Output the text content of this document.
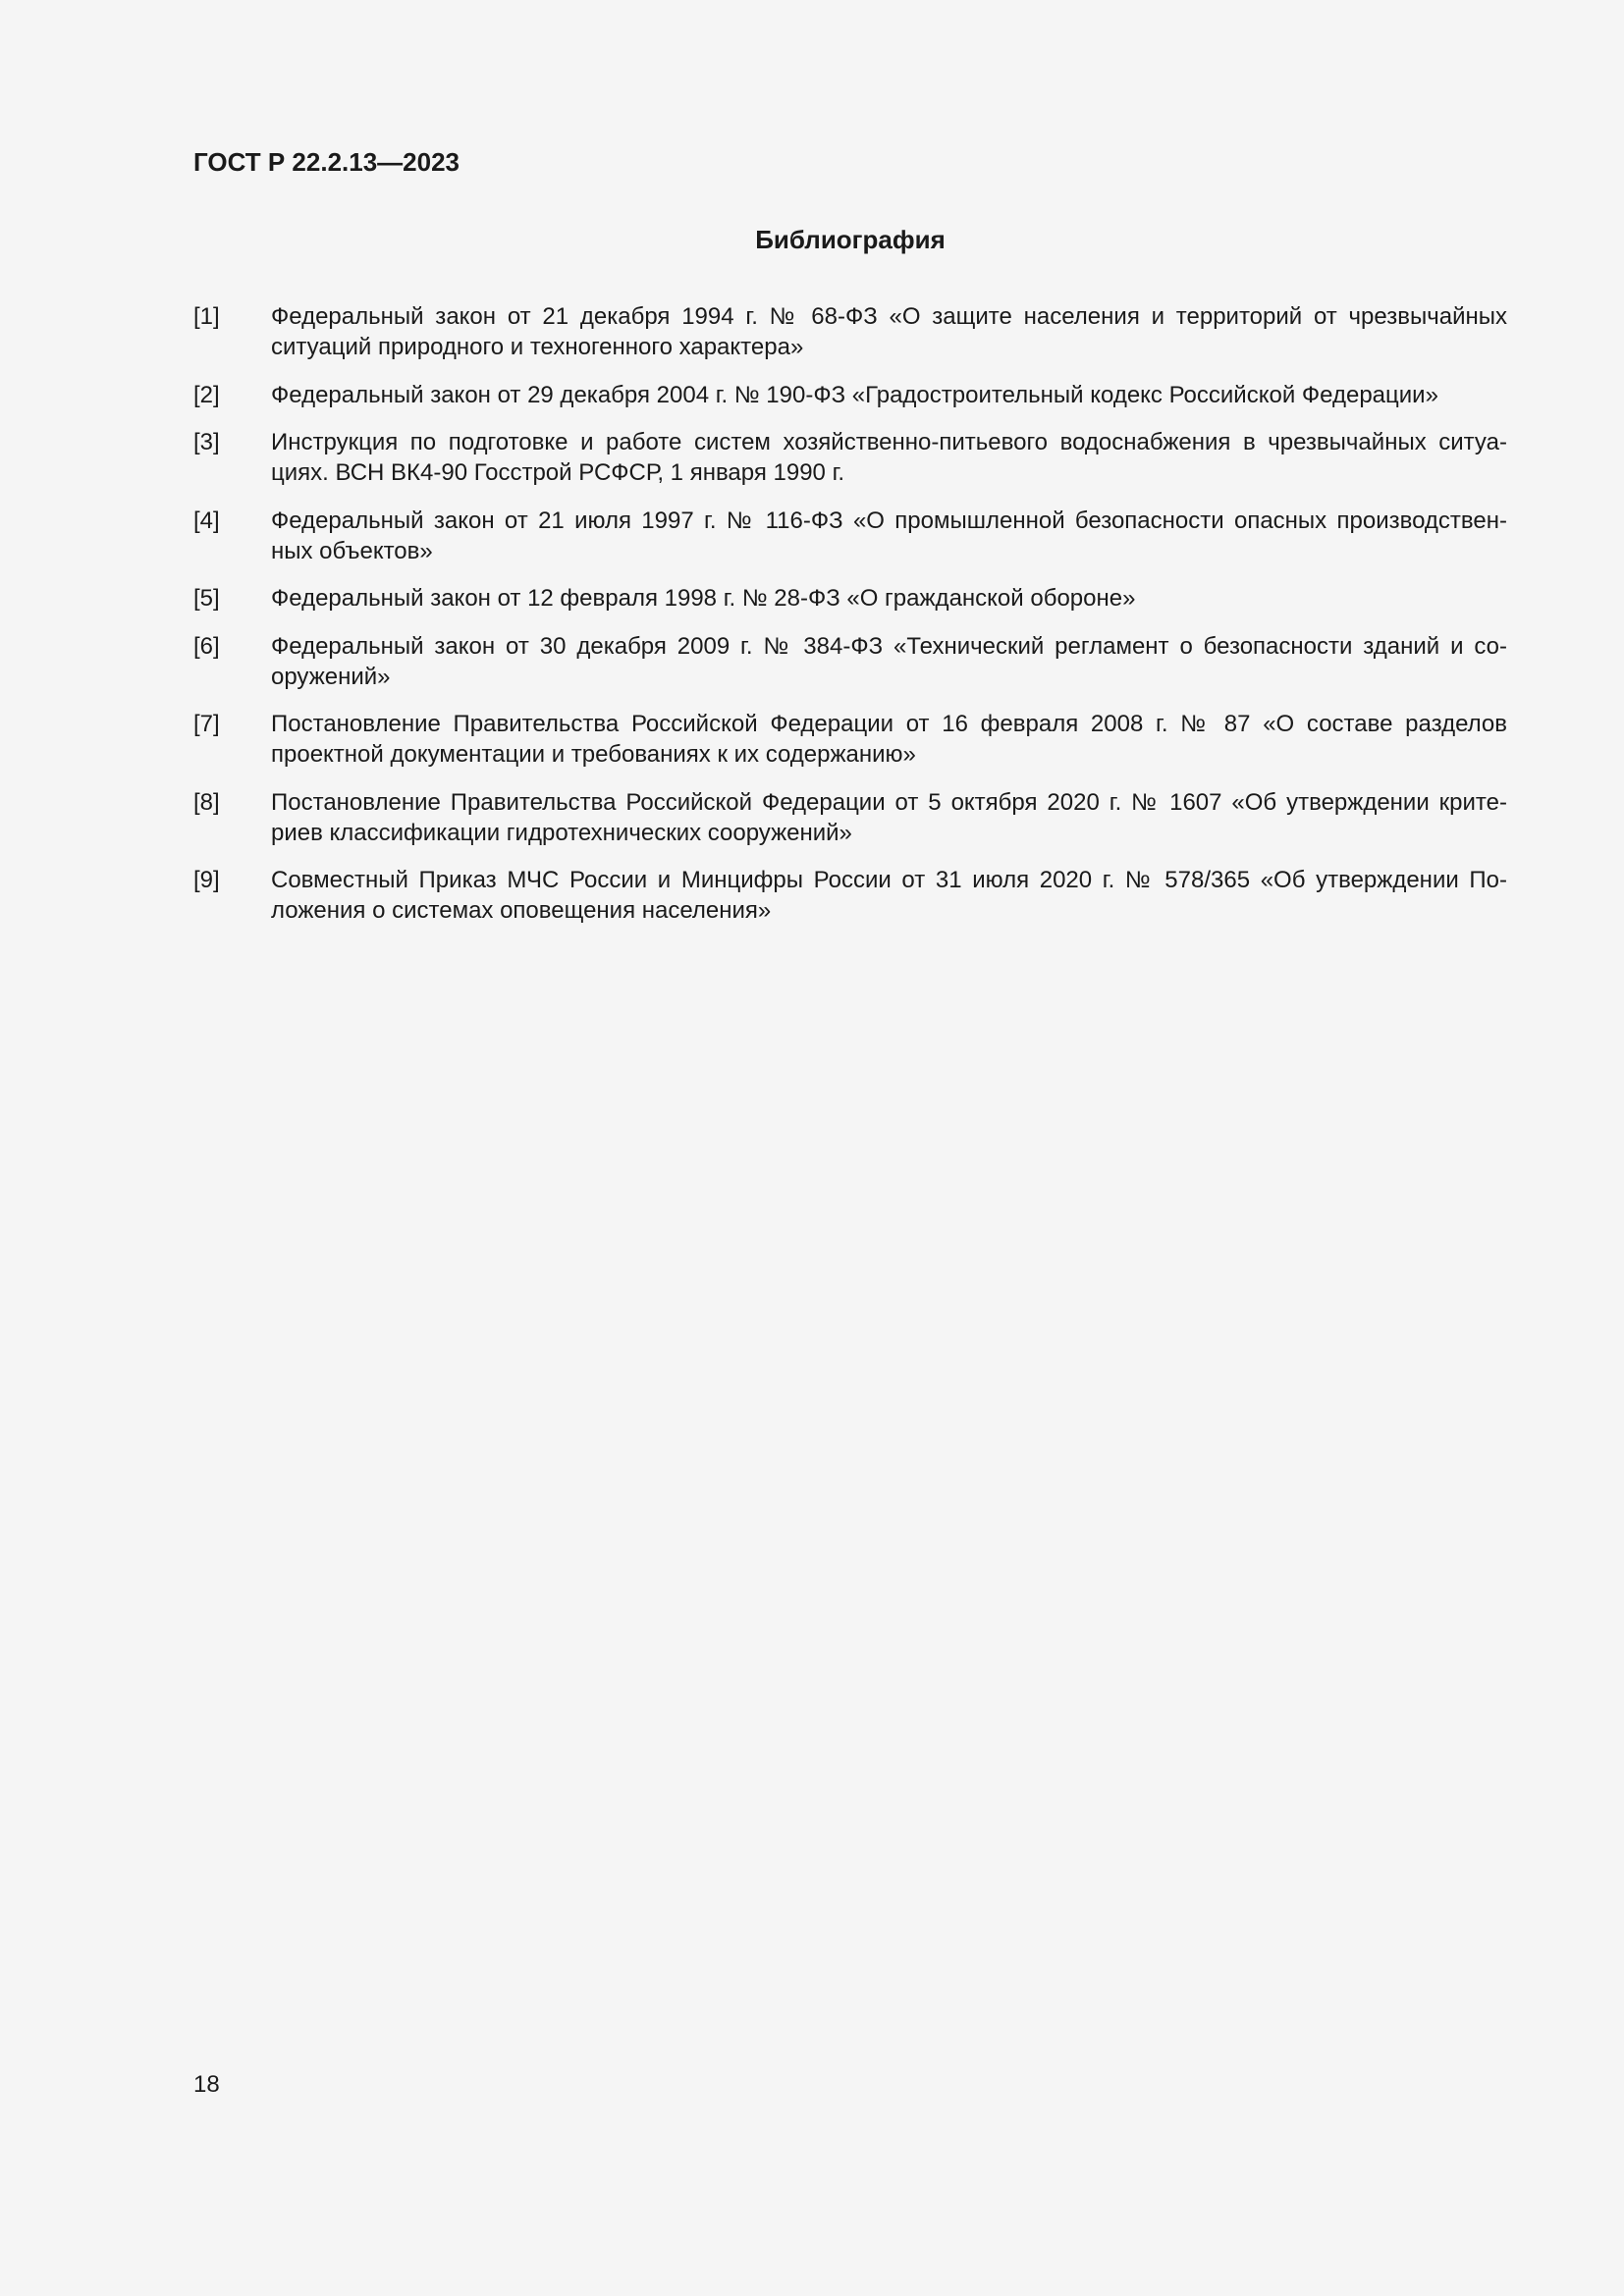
ГОСТ Р 22.2.13—2023
Библиография
[1]	Федеральный закон от 21 декабря 1994 г. № 68-ФЗ «О защите населения и территорий от чрезвычайных
ситуаций природного и техногенного характера»
[2]	Федеральный закон от 29 декабря 2004 г. № 190-ФЗ «Градостроительный кодекс Российской Федерации»
[3]	Инструкция по подготовке и работе систем хозяйственно-питьевого водоснабжения в чрезвычайных ситуа-
циях. ВСН ВК4-90 Госстрой РСФСР, 1 января 1990 г.
[4]	Федеральный закон от 21 июля 1997 г. № 116-ФЗ «О промышленной безопасности опасных производствен-
ных объектов»
[5]	Федеральный закон от 12 февраля 1998 г. № 28-ФЗ «О гражданской обороне»
[6]	Федеральный закон от 30 декабря 2009 г. № 384-ФЗ «Технический регламент о безопасности зданий и со-
оружений»
[7]	Постановление Правительства Российской Федерации от 16 февраля 2008 г. № 87 «О составе разделов
проектной документации и требованиях к их содержанию»
[8]	Постановление Правительства Российской Федерации от 5 октября 2020 г. № 1607 «Об утверждении крите-
риев классификации гидротехнических сооружений»
[9]	Совместный Приказ МЧС России и Минцифры России от 31 июля 2020 г. № 578/365 «Об утверждении По-
ложения о системах оповещения населения»
18
